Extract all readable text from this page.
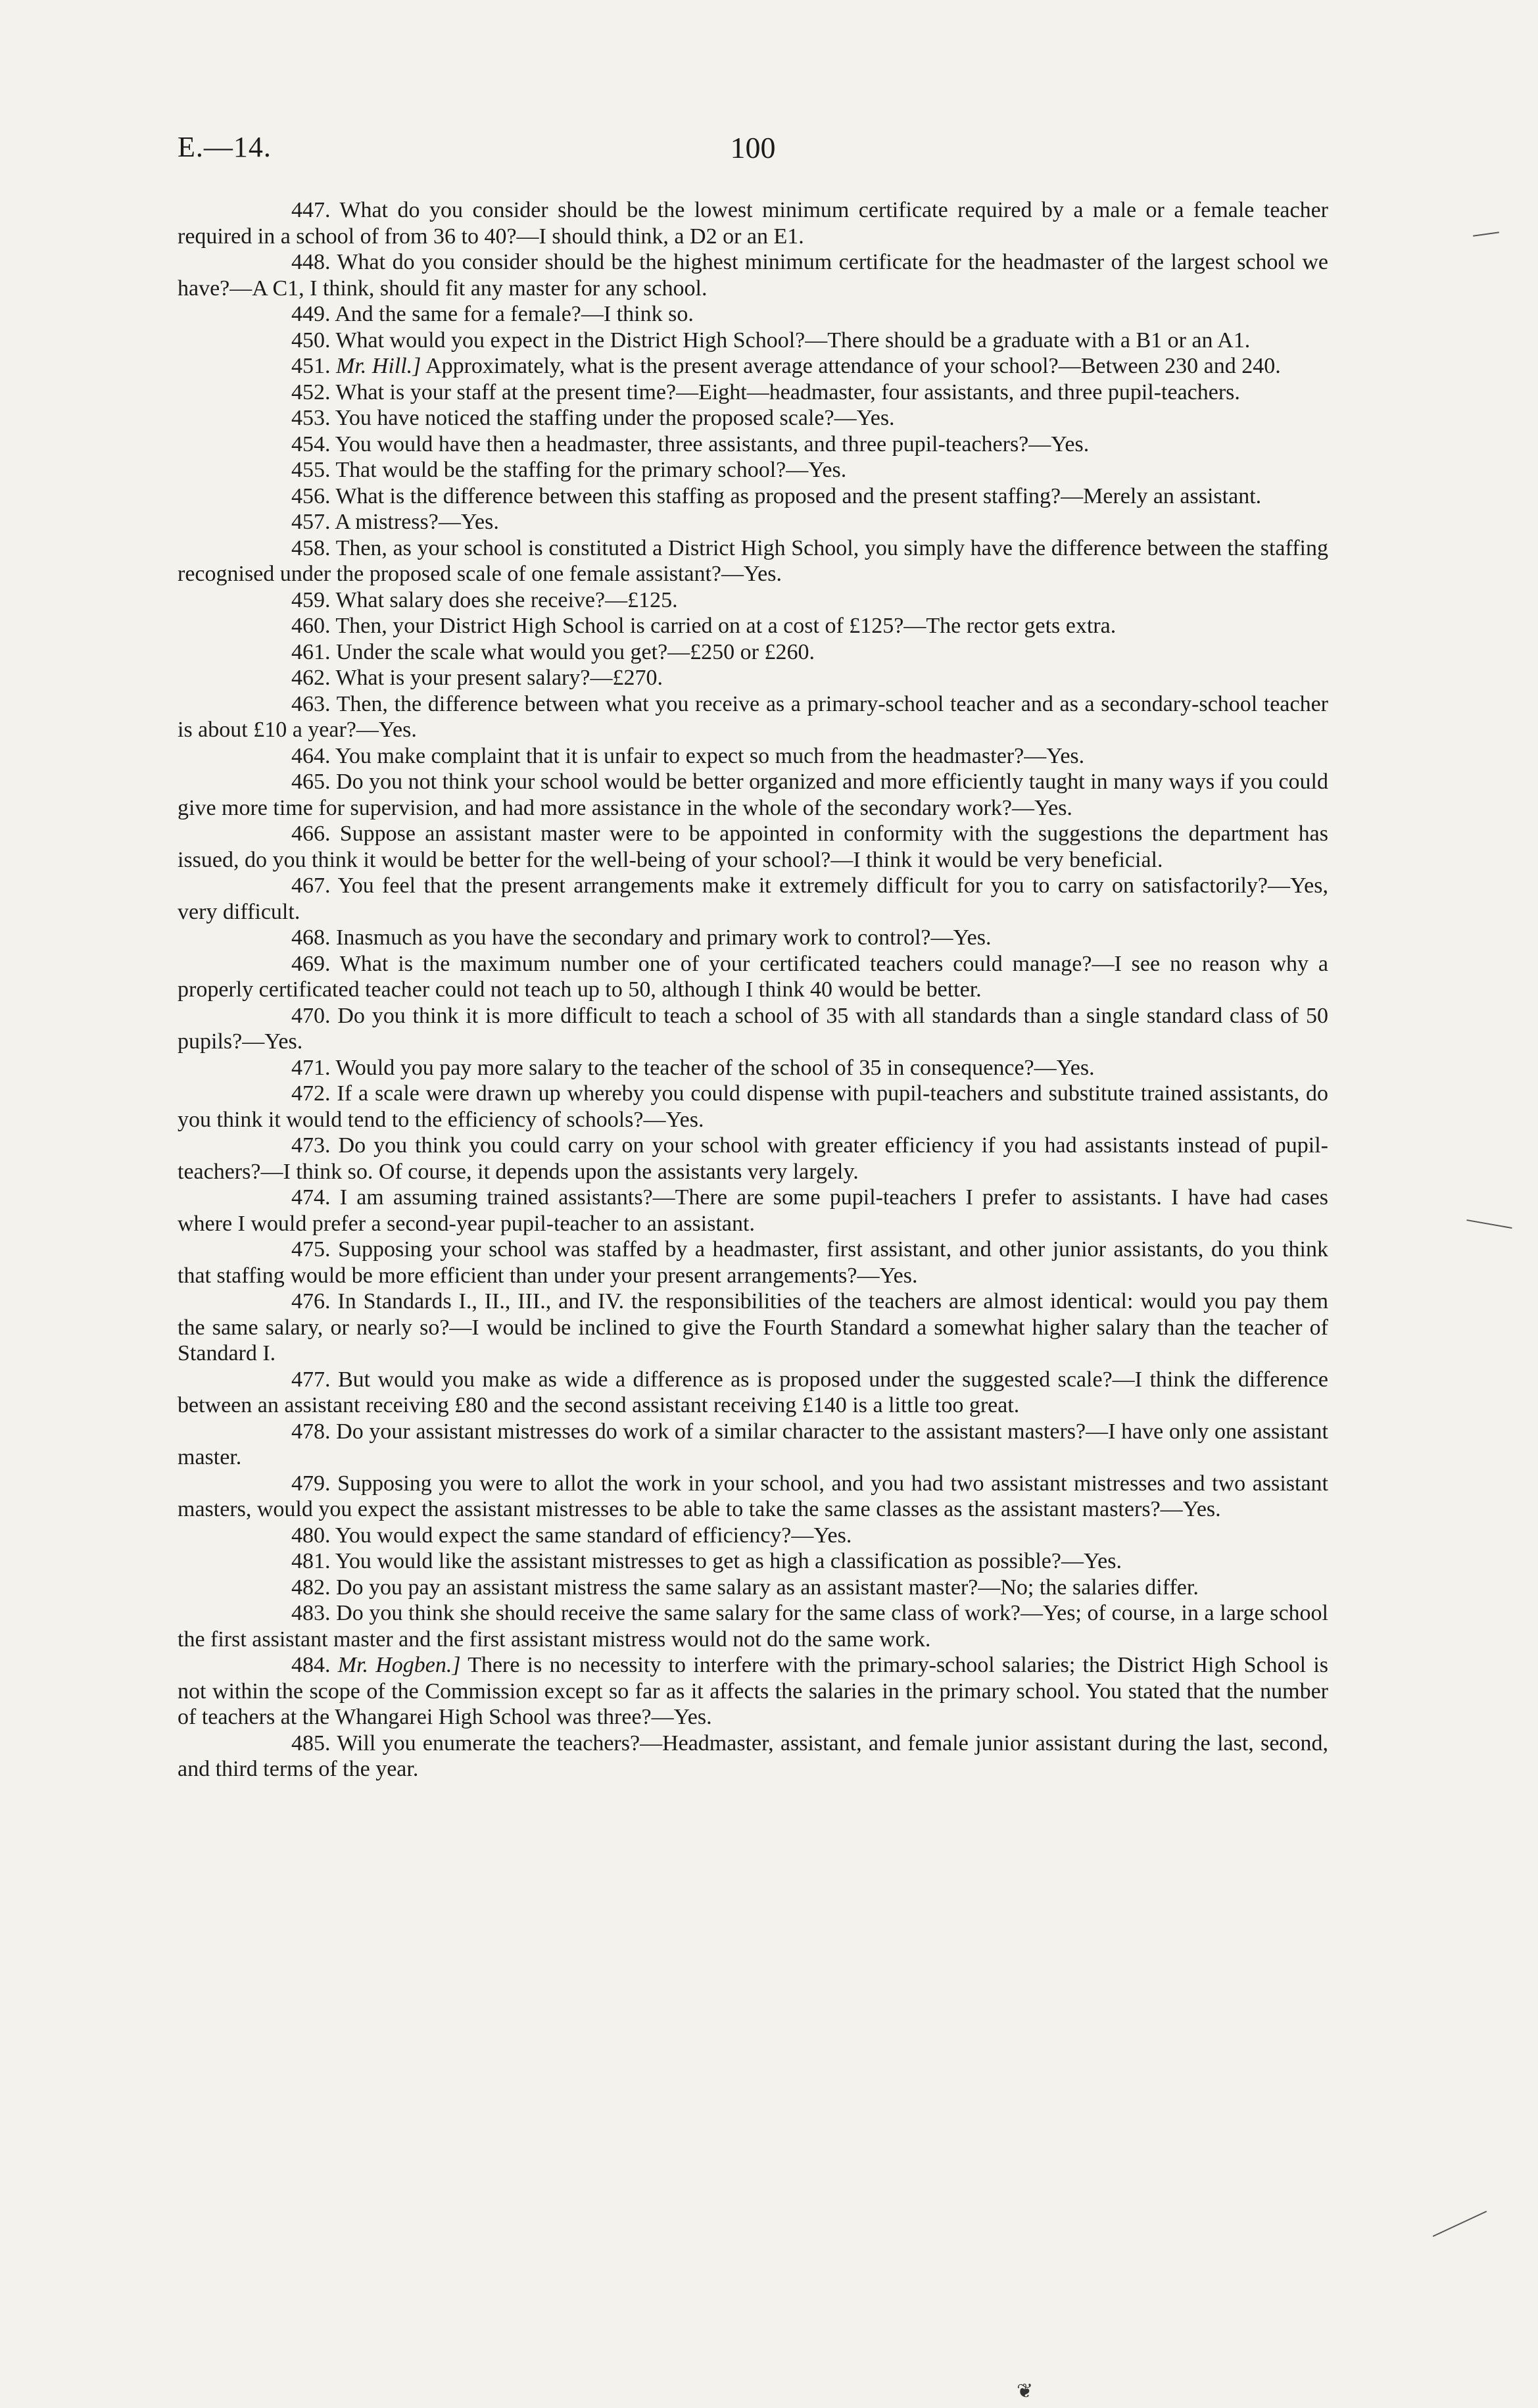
E.—14.	100

447. What do you consider should be the lowest minimum certificate required by a male or a female teacher required in a school of from 36 to 40?—I should think, a D2 or an E1.

448. What do you consider should be the highest minimum certificate for the headmaster of the largest school we have?—A C1, I think, should fit any master for any school.

449. And the same for a female?—I think so.

450. What would you expect in the District High School?—There should be a graduate with a B1 or an A1.

451. Mr. Hill.] Approximately, what is the present average attendance of your school?—Between 230 and 240.

452. What is your staff at the present time?—Eight—headmaster, four assistants, and three pupil-teachers.

453. You have noticed the staffing under the proposed scale?—Yes.

454. You would have then a headmaster, three assistants, and three pupil-teachers?—Yes.

455. That would be the staffing for the primary school?—Yes.

456. What is the difference between this staffing as proposed and the present staffing?—Merely an assistant.

457. A mistress?—Yes.

458. Then, as your school is constituted a District High School, you simply have the difference between the staffing recognised under the proposed scale of one female assistant?—Yes.

459. What salary does she receive?—£125.

460. Then, your District High School is carried on at a cost of £125?—The rector gets extra.

461. Under the scale what would you get?—£250 or £260.

462. What is your present salary?—£270.

463. Then, the difference between what you receive as a primary-school teacher and as a secondary-school teacher is about £10 a year?—Yes.

464. You make complaint that it is unfair to expect so much from the headmaster?—Yes.

465. Do you not think your school would be better organized and more efficiently taught in many ways if you could give more time for supervision, and had more assistance in the whole of the secondary work?—Yes.

466. Suppose an assistant master were to be appointed in conformity with the suggestions the department has issued, do you think it would be better for the well-being of your school?—I think it would be very beneficial.

467. You feel that the present arrangements make it extremely difficult for you to carry on satisfactorily?—Yes, very difficult.

468. Inasmuch as you have the secondary and primary work to control?—Yes.

469. What is the maximum number one of your certificated teachers could manage?—I see no reason why a properly certificated teacher could not teach up to 50, although I think 40 would be better.

470. Do you think it is more difficult to teach a school of 35 with all standards than a single standard class of 50 pupils?—Yes.

471. Would you pay more salary to the teacher of the school of 35 in consequence?—Yes.

472. If a scale were drawn up whereby you could dispense with pupil-teachers and substitute trained assistants, do you think it would tend to the efficiency of schools?—Yes.

473. Do you think you could carry on your school with greater efficiency if you had assistants instead of pupil-teachers?—I think so. Of course, it depends upon the assistants very largely.

474. I am assuming trained assistants?—There are some pupil-teachers I prefer to assistants. I have had cases where I would prefer a second-year pupil-teacher to an assistant.

475. Supposing your school was staffed by a headmaster, first assistant, and other junior assistants, do you think that staffing would be more efficient than under your present arrangements?—Yes.

476. In Standards I., II., III., and IV. the responsibilities of the teachers are almost identical: would you pay them the same salary, or nearly so?—I would be inclined to give the Fourth Standard a somewhat higher salary than the teacher of Standard I.

477. But would you make as wide a difference as is proposed under the suggested scale?—I think the difference between an assistant receiving £80 and the second assistant receiving £140 is a little too great.

478. Do your assistant mistresses do work of a similar character to the assistant masters?—I have only one assistant master.

479. Supposing you were to allot the work in your school, and you had two assistant mistresses and two assistant masters, would you expect the assistant mistresses to be able to take the same classes as the assistant masters?—Yes.

480. You would expect the same standard of efficiency?—Yes.

481. You would like the assistant mistresses to get as high a classification as possible?—Yes.

482. Do you pay an assistant mistress the same salary as an assistant master?—No; the salaries differ.

483. Do you think she should receive the same salary for the same class of work?—Yes; of course, in a large school the first assistant master and the first assistant mistress would not do the same work.

484. Mr. Hogben.] There is no necessity to interfere with the primary-school salaries; the District High School is not within the scope of the Commission except so far as it affects the salaries in the primary school. You stated that the number of teachers at the Whangarei High School was three?—Yes.

485. Will you enumerate the teachers?—Headmaster, assistant, and female junior assistant during the last, second, and third terms of the year.

❦
